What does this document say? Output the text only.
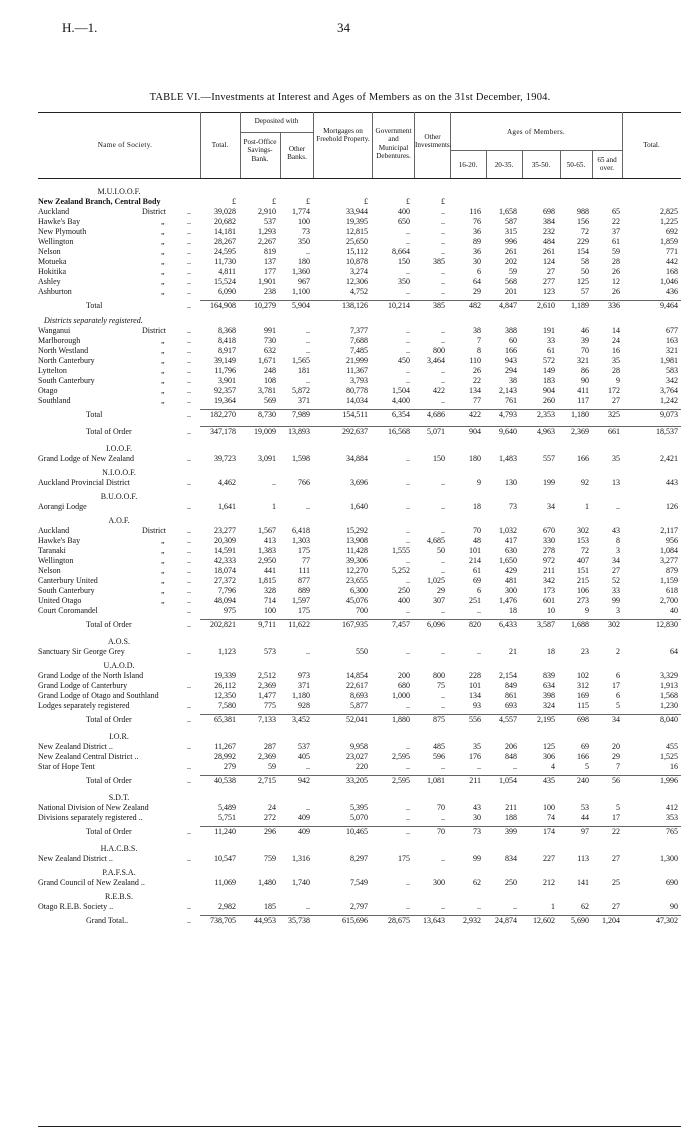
H.—1.	34
TABLE VI.—Investments at Interest and Ages of Members as on the 31st December, 1904.
Name of Society.	Total.
Deposited with
Post-Office Savings-Bank.
Other Banks.
Mortgages on Freehold Property.
Government and Municipal Debentures.
Other Investments.
Ages of Members.
16-20.	20-35.	35-50.	50-65.
65 and over.
Total.
M.U.I.O.O.F.
New Zealand Branch, Central Body	£	£	£	£	£	£
Auckland	District	..	39,028	2,910	1,774	33,944	400	..	116	1,658	698	988	65	2,825
Hawke's Bay	„	..	20,682	537	100	19,395	650	..	76	587	384	156	22	1,225
New Plymouth	„	..	14,181	1,293	73	12,815	..	..	36	315	232	72	37	692
Wellington	„	..	28,267	2,267	350	25,650	..	..	89	996	484	229	61	1,859
Nelson	„	..	24,595	819	..	15,112	8,664	..	36	261	261	154	59	771
Motueka	„	..	11,730	137	180	10,878	150	385	30	202	124	58	28	442
Hokitika	„	..	4,811	177	1,360	3,274	..	..	6	59	27	50	26	168
Ashley	„	..	15,524	1,901	967	12,306	350	..	64	568	277	125	12	1,046
Ashburton	„	..	6,090	238	1,100	4,752	..	..	29	201	123	57	26	436
Total	..	164,908	10,279	5,904	138,126	10,214	385	482	4,847	2,610	1,189	336	9,464
Districts separately registered.
Wanganui	District	..	8,368	991	..	7,377	..	..	38	388	191	46	14	677
Marlborough	„	..	8,418	730	..	7,688	..	..	7	60	33	39	24	163
North Westland	„	..	8,917	632	..	7,485	..	800	8	166	61	70	16	321
North Canterbury	„	..	39,149	1,671	1,565	21,999	450	3,464	110	943	572	321	35	1,981
Lyttelton	„	..	11,796	248	181	11,367	..	..	26	294	149	86	28	583
South Canterbury	„	..	3,901	108	..	3,793	..	..	22	38	183	90	9	342
Otago	„	..	92,357	3,781	5,872	80,778	1,504	422	134	2,143	904	411	172	3,764
Southland	„	..	19,364	569	371	14,034	4,400	..	77	761	260	117	27	1,242
Total	..	182,270	8,730	7,989	154,511	6,354	4,686	422	4,793	2,353	1,180	325	9,073
Total of Order	..	347,178	19,009	13,893	292,637	16,568	5,071	904	9,640	4,963	2,369	661	18,537
I.O.O.F.
Grand Lodge of New Zealand	..	39,723	3,091	1,598	34,884	..	150	180	1,483	557	166	35	2,421
N.I.O.O.F.
Auckland Provincial District	..	4,462	..	766	3,696	..	..	9	130	199	92	13	443
B.U.O.O.F.
Aorangi Lodge	..	1,641	1	..	1,640	..	..	18	73	34	1	..	126
A.O.F.
Auckland	District	..	23,277	1,567	6,418	15,292	..	..	70	1,032	670	302	43	2,117
Hawke's Bay	„	..	20,309	413	1,303	13,908	..	4,685	48	417	330	153	8	956
Taranaki	„	..	14,591	1,383	175	11,428	1,555	50	101	630	278	72	3	1,084
Wellington	„	..	42,333	2,950	77	39,306	..	..	214	1,650	972	407	34	3,277
Nelson	„	..	18,074	441	111	12,270	5,252	..	61	429	211	151	27	879
Canterbury United	„	..	27,372	1,815	877	23,655	..	1,025	69	481	342	215	52	1,159
South Canterbury	„	..	7,796	328	889	6,300	250	29	6	300	173	106	33	618
United Otago	„	..	48,094	714	1,597	45,076	400	307	251	1,476	601	273	99	2,700
Court Coromandel	..	975	100	175	700	..	..	..	18	10	9	3	40
Total of Order	..	202,821	9,711	11,622	167,935	7,457	6,096	820	6,433	3,587	1,688	302	12,830
A.O.S.
Sanctuary Sir George Grey	..	1,123	573	..	550	..	..	..	21	18	23	2	64
U.A.O.D.
Grand Lodge of the North Island	19,339	2,512	973	14,854	200	800	228	2,154	839	102	6	3,329
Grand Lodge of Canterbury	..	26,112	2,369	371	22,617	680	75	101	849	634	312	17	1,913
Grand Lodge of Otago and Southland	12,350	1,477	1,180	8,693	1,000	..	134	861	398	169	6	1,568
Lodges separately registered	..	7,580	775	928	5,877	..	..	93	693	324	115	5	1,230
Total of Order	..	65,381	7,133	3,452	52,041	1,880	875	556	4,557	2,195	698	34	8,040
I.O.R.
New Zealand District ..	..	11,267	287	537	9,958	..	485	35	206	125	69	20	455
New Zealand Central District ..	28,992	2,369	405	23,027	2,595	596	176	848	306	166	29	1,525
Star of Hope Tent	..	279	59	..	220	..	..	..	..	4	5	7	16
Total of Order	..	40,538	2,715	942	33,205	2,595	1,081	211	1,054	435	240	56	1,996
S.D.T.
National Division of New Zealand	5,489	24	..	5,395	..	70	43	211	100	53	5	412
Divisions separately registered ..	5,751	272	409	5,070	..	..	30	188	74	44	17	353
Total of Order	..	11,240	296	409	10,465	..	70	73	399	174	97	22	765
H.A.C.B.S.
New Zealand District ..	..	10,547	759	1,316	8,297	175	..	99	834	227	113	27	1,300
P.A.F.S.A.
Grand Council of New Zealand ..	11,069	1,480	1,740	7,549	..	300	62	250	212	141	25	690
R.E.B.S.
Otago R.E.B. Society ..	..	2,982	185	..	2,797	..	..	..	..	1	62	27	90
Grand Total..	..	738,705	44,953	35,738	615,696	28,675	13,643	2,932	24,874	12,602	5,690	1,204	47,302
